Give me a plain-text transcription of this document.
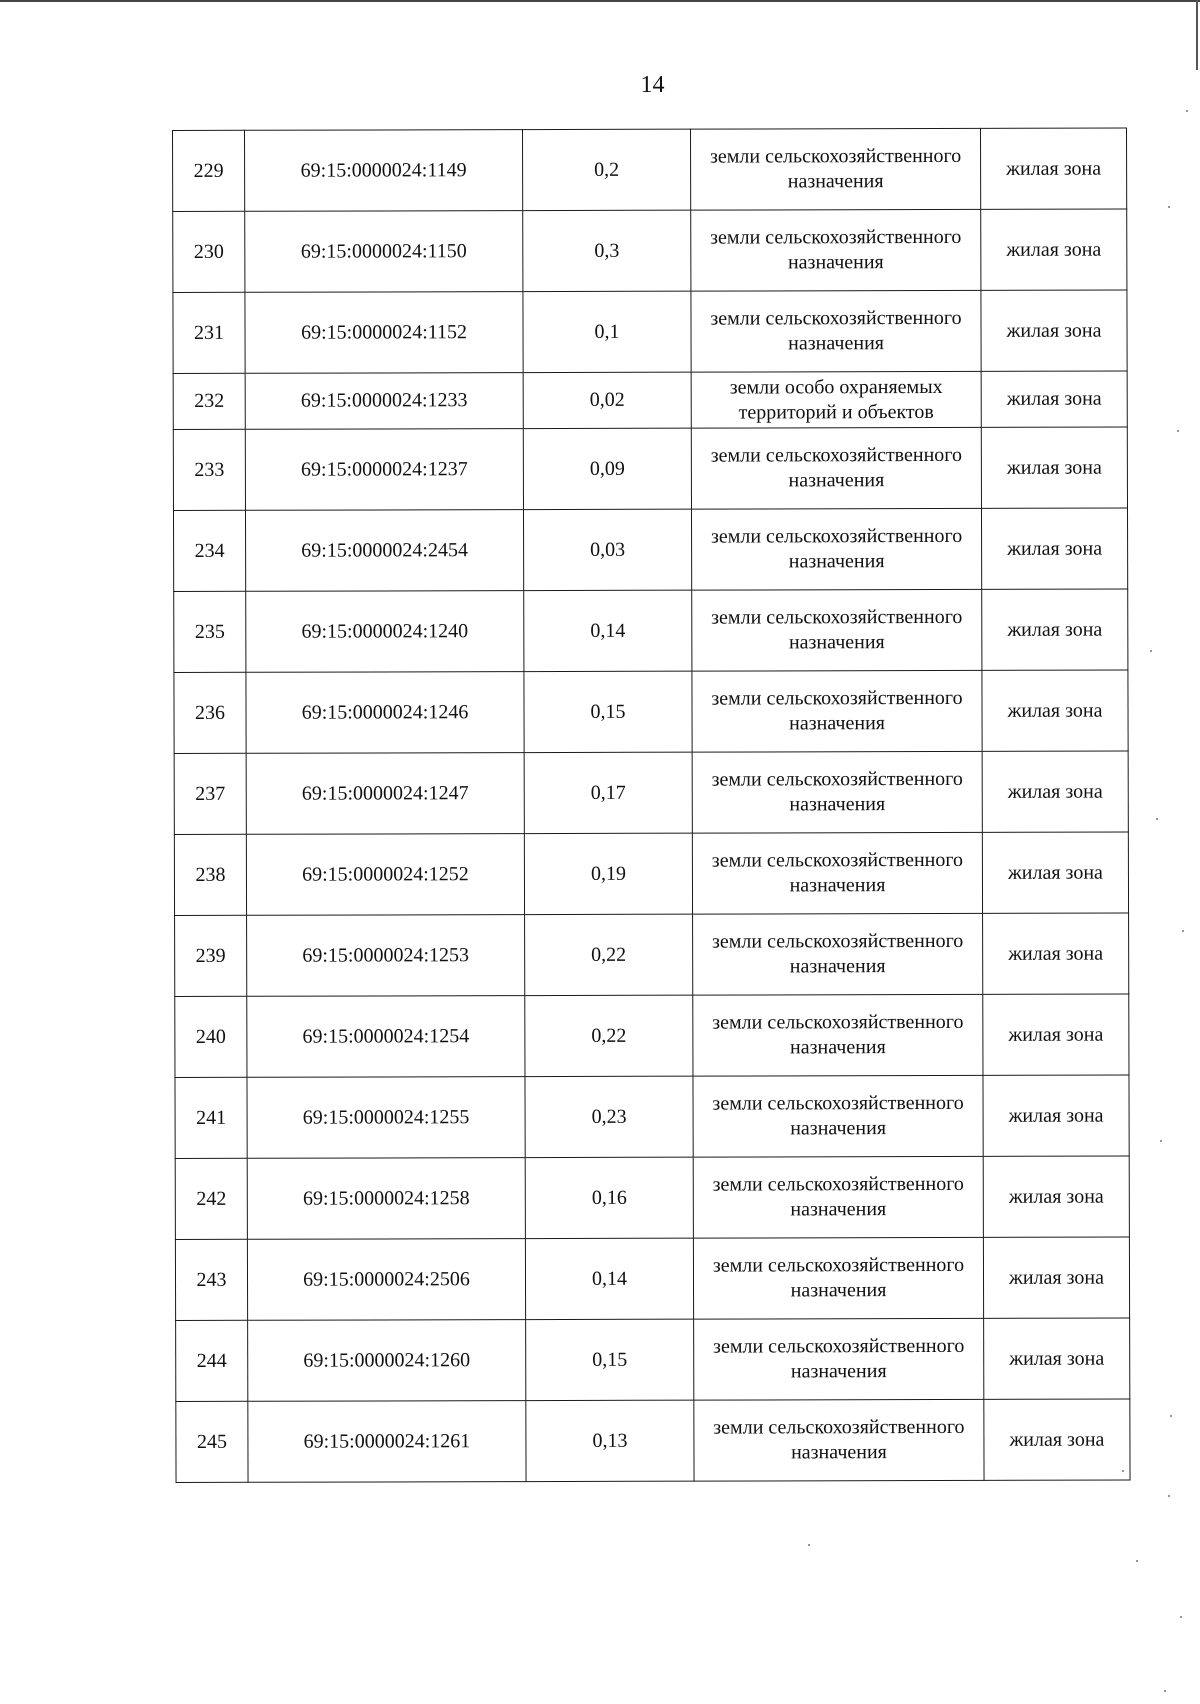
14
229	69:15:0000024:1149	0,2	земли сельскохозяйственного назначения	жилая зона
230	69:15:0000024:1150	0,3	земли сельскохозяйственного назначения	жилая зона
231	69:15:0000024:1152	0,1	земли сельскохозяйственного назначения	жилая зона
232	69:15:0000024:1233	0,02	земли особо охраняемых территорий и объектов	жилая зона
233	69:15:0000024:1237	0,09	земли сельскохозяйственного назначения	жилая зона
234	69:15:0000024:2454	0,03	земли сельскохозяйственного назначения	жилая зона
235	69:15:0000024:1240	0,14	земли сельскохозяйственного назначения	жилая зона
236	69:15:0000024:1246	0,15	земли сельскохозяйственного назначения	жилая зона
237	69:15:0000024:1247	0,17	земли сельскохозяйственного назначения	жилая зона
238	69:15:0000024:1252	0,19	земли сельскохозяйственного назначения	жилая зона
239	69:15:0000024:1253	0,22	земли сельскохозяйственного назначения	жилая зона
240	69:15:0000024:1254	0,22	земли сельскохозяйственного назначения	жилая зона
241	69:15:0000024:1255	0,23	земли сельскохозяйственного назначения	жилая зона
242	69:15:0000024:1258	0,16	земли сельскохозяйственного назначения	жилая зона
243	69:15:0000024:2506	0,14	земли сельскохозяйственного назначения	жилая зона
244	69:15:0000024:1260	0,15	земли сельскохозяйственного назначения	жилая зона
245	69:15:0000024:1261	0,13	земли сельскохозяйственного назначения	жилая зона
